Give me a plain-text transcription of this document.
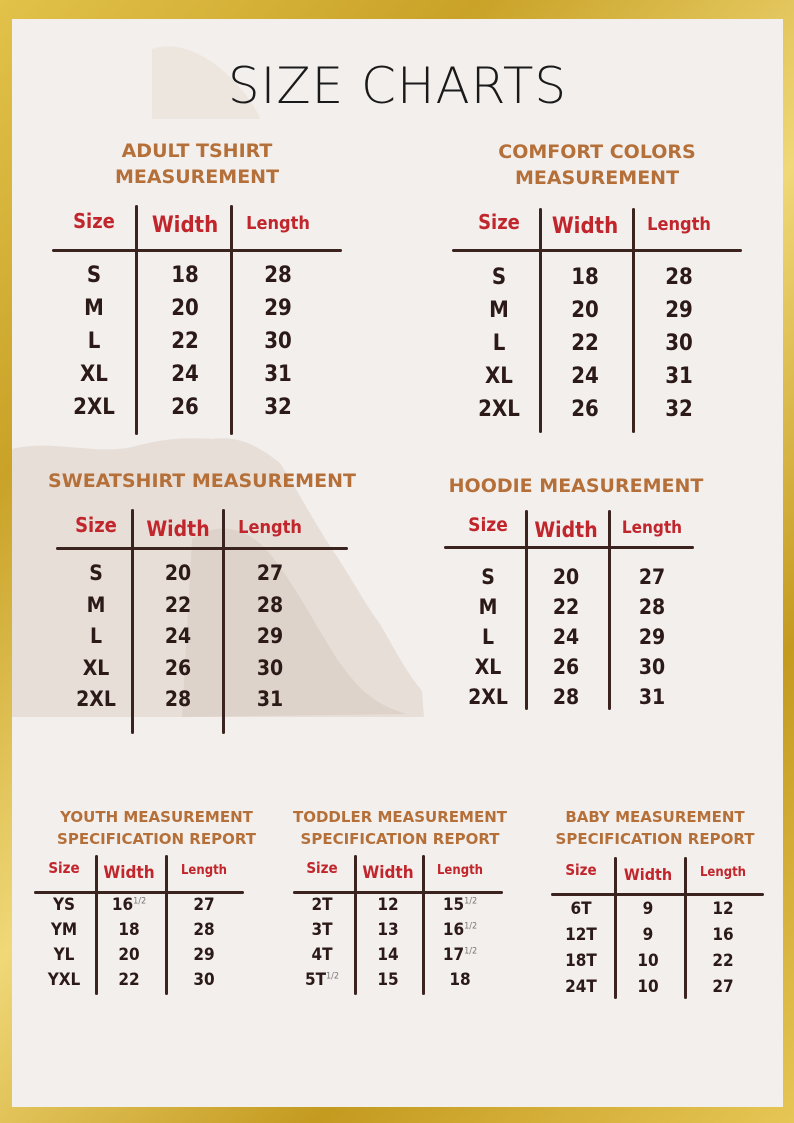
SIZE CHARTS
ADULT TSHIRT
MEASUREMENT
Size	Width	Length
S	18	28
M	20	29
L	22	30
XL	24	31
2XL	26	32
COMFORT COLORS
MEASUREMENT
Size	Width	Length
S	18	28
M	20	29
L	22	30
XL	24	31
2XL	26	32
SWEATSHIRT MEASUREMENT
Size	Width	Length
S	20	27
M	22	28
L	24	29
XL	26	30
2XL	28	31
HOODIE MEASUREMENT
Size	Width	Length
S	20	27
M	22	28
L	24	29
XL	26	30
2XL	28	31
YOUTH MEASUREMENT
SPECIFICATION REPORT
Size	Width	Length
YS	$16^{1/2}$	27
YM	18	28
YL	20	29
YXL	22	30
TODDLER MEASUREMENT
SPECIFICATION REPORT
Size	Width	Length
2T	12	$15^{1/2}$
3T	13	$16^{1/2}$
4T	14	$17^{1/2}$
$5T^{1/2}$	15	18
BABY MEASUREMENT
SPECIFICATION REPORT
Size	Width	Length
6T	9	12
12T	9	16
18T	10	22
24T	10	27
